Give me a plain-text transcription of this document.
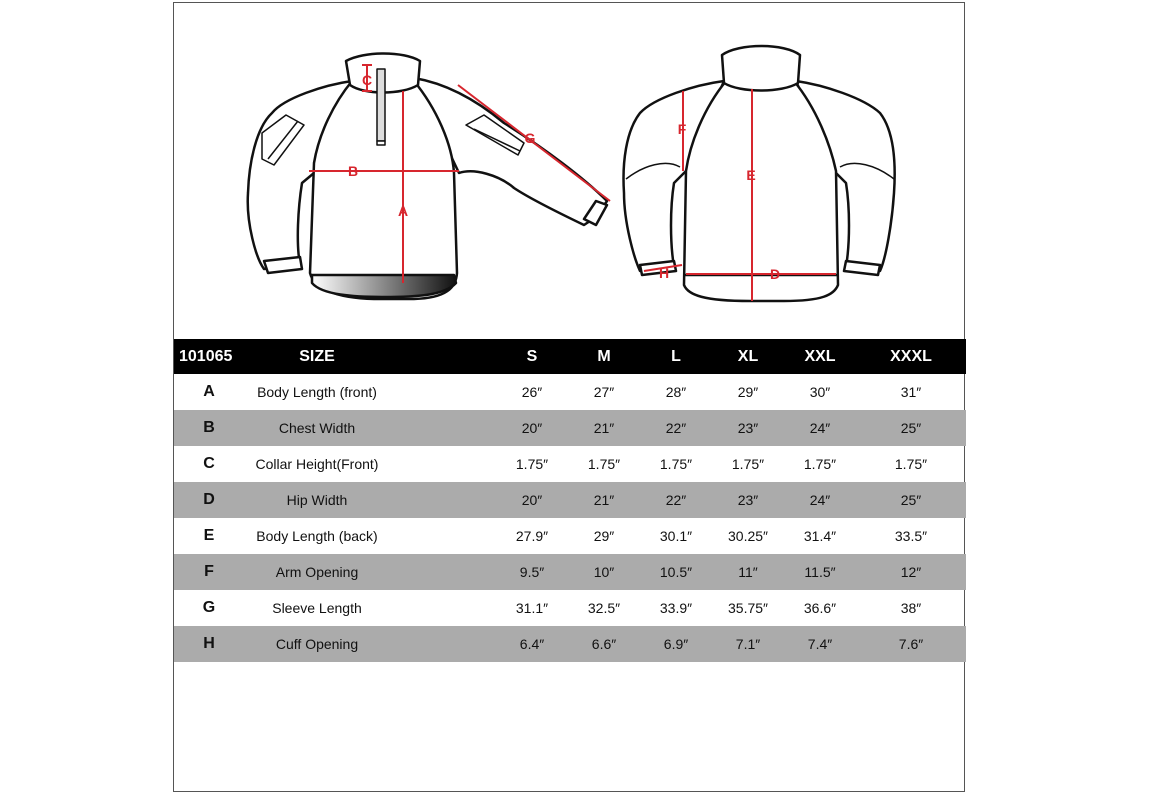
C
B
A
G
F
E
H	D
101065	SIZE		S	M	L	XL	XXL	XXXL	
A	Body Length (front)		26″	27″	28″	29″	30″	31″	
B	Chest Width		20″	21″	22″	23″	24″	25″	
C	Collar Height(Front)		1.75″	1.75″	1.75″	1.75″	1.75″	1.75″	
D	Hip Width		20″	21″	22″	23″	24″	25″	
E	Body Length (back)		27.9″	29″	30.1″	30.25″	31.4″	33.5″	
F	Arm Opening		9.5″	10″	10.5″	11″	11.5″	12″	
G	Sleeve Length		31.1″	32.5″	33.9″	35.75″	36.6″	38″	
H	Cuff Opening		6.4″	6.6″	6.9″	7.1″	7.4″	7.6″	
